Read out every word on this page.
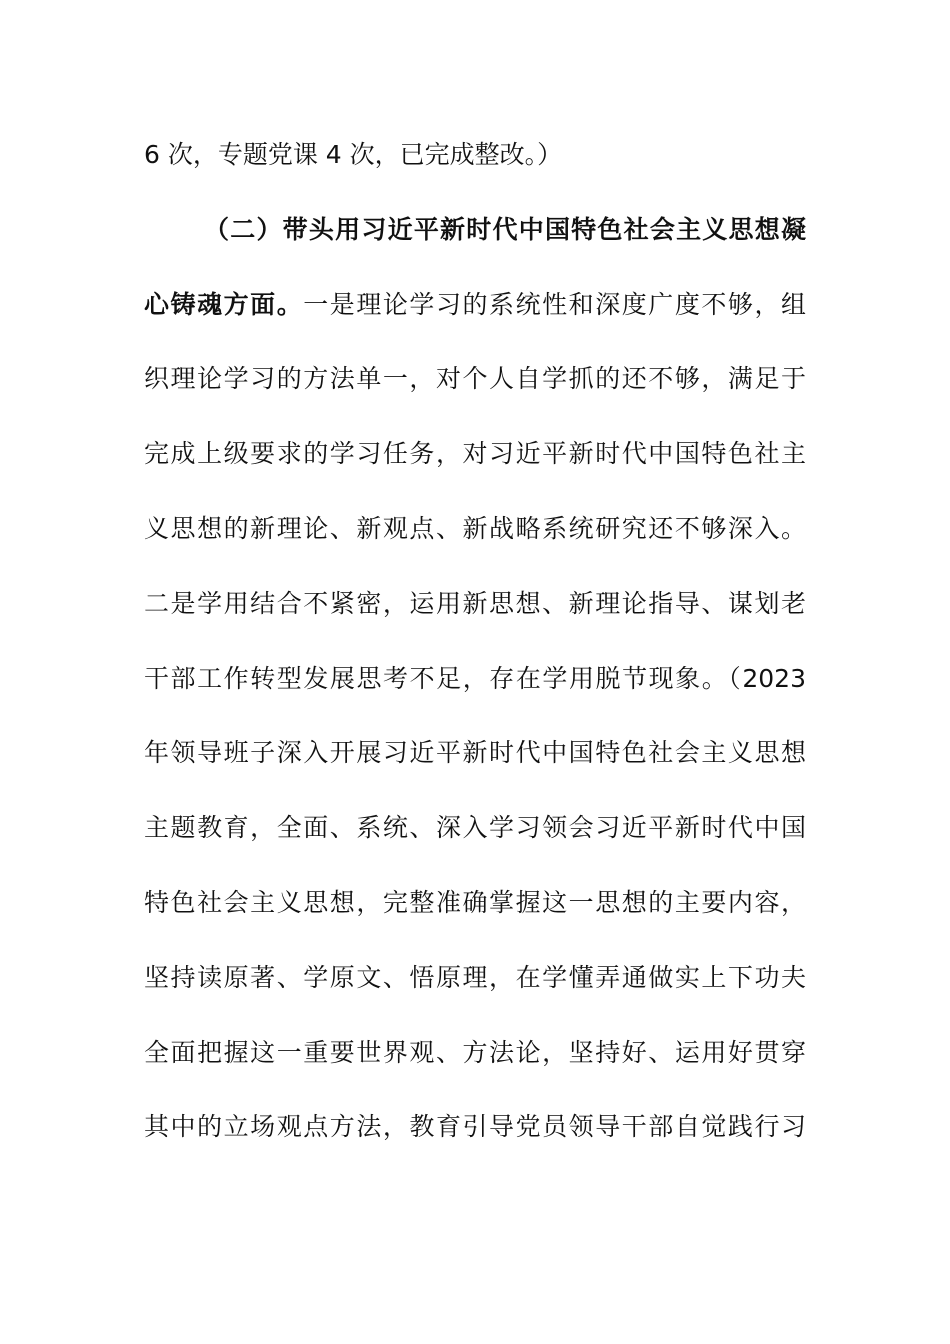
6 次，专题党课 4 次，已完成整改。）
（二）带头用习近平新时代中国特色社会主义思想凝
心铸魂方面。一是理论学习的系统性和深度广度不够，组
织理论学习的方法单一，对个人自学抓的还不够，满足于
完成上级要求的学习任务，对习近平新时代中国特色社主
义思想的新理论、新观点、新战略系统研究还不够深入。
二是学用结合不紧密，运用新思想、新理论指导、谋划老
干部工作转型发展思考不足，存在学用脱节现象。（2023
年领导班子深入开展习近平新时代中国特色社会主义思想
主题教育，全面、系统、深入学习领会习近平新时代中国
特色社会主义思想，完整准确掌握这一思想的主要内容，
坚持读原著、学原文、悟原理，在学懂弄通做实上下功夫
全面把握这一重要世界观、方法论，坚持好、运用好贯穿
其中的立场观点方法，教育引导党员领导干部自觉践行习
